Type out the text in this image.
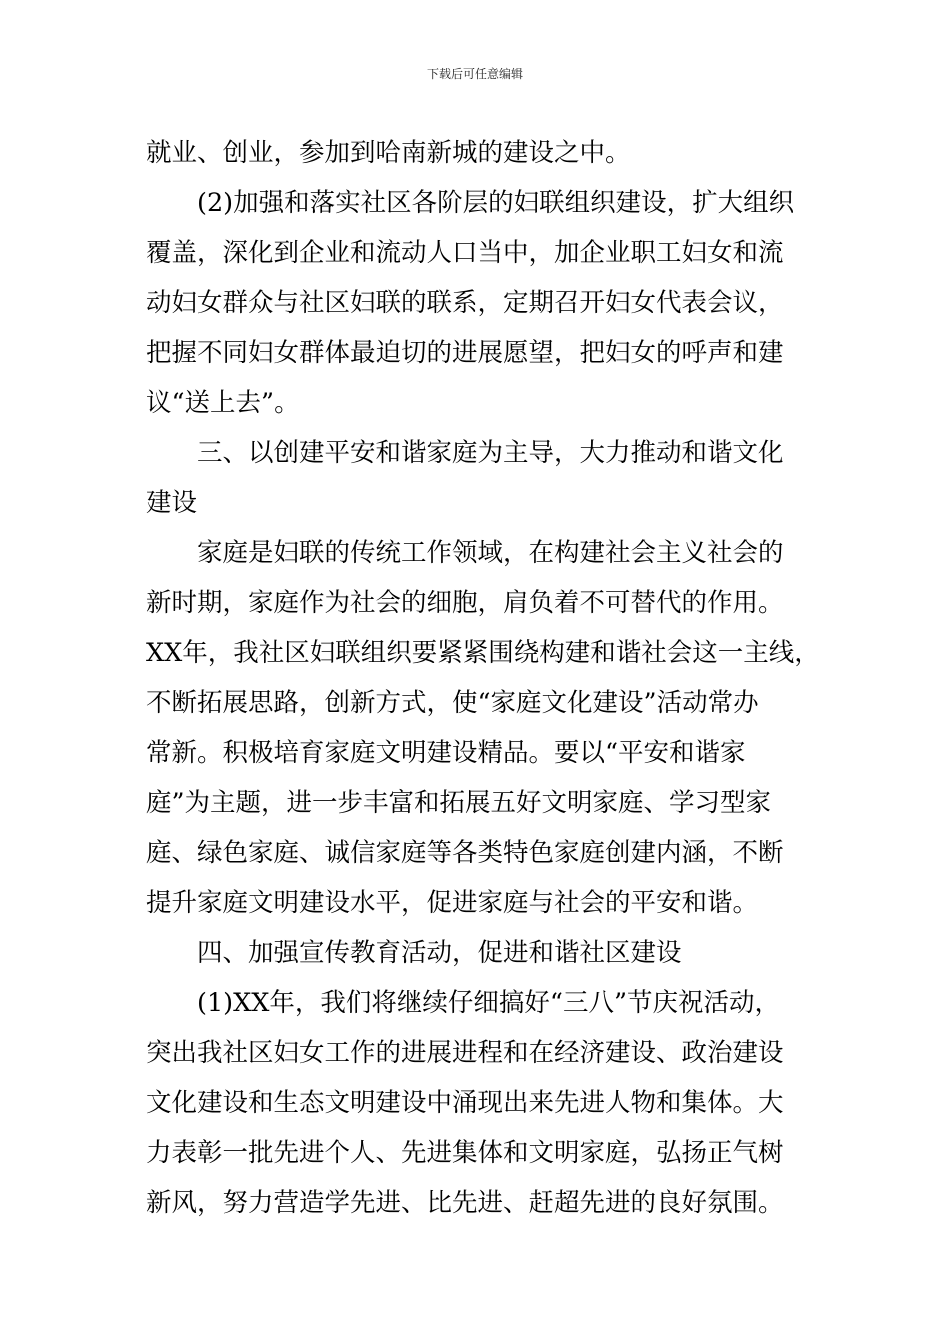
下载后可任意编辑
就业、创业，参加到哈南新城的建设之中。
(2)加强和落实社区各阶层的妇联组织建设，扩大组织
覆盖，深化到企业和流动人口当中，加企业职工妇女和流
动妇女群众与社区妇联的联系，定期召开妇女代表会议，
把握不同妇女群体最迫切的进展愿望，把妇女的呼声和建
议“送上去”。
三、以创建平安和谐家庭为主导，大力推动和谐文化
建设
家庭是妇联的传统工作领域，在构建社会主义社会的
新时期，家庭作为社会的细胞，肩负着不可替代的作用。
XX年，我社区妇联组织要紧紧围绕构建和谐社会这一主线，
不断拓展思路，创新方式，使“家庭文化建设”活动常办
常新。积极培育家庭文明建设精品。要以“平安和谐家
庭”为主题，进一步丰富和拓展五好文明家庭、学习型家
庭、绿色家庭、诚信家庭等各类特色家庭创建内涵，不断
提升家庭文明建设水平，促进家庭与社会的平安和谐。
四、加强宣传教育活动，促进和谐社区建设
(1)XX年，我们将继续仔细搞好“三八”节庆祝活动，
突出我社区妇女工作的进展进程和在经济建设、政治建设
文化建设和生态文明建设中涌现出来先进人物和集体。大
力表彰一批先进个人、先进集体和文明家庭，弘扬正气树
新风，努力营造学先进、比先进、赶超先进的良好氛围。
